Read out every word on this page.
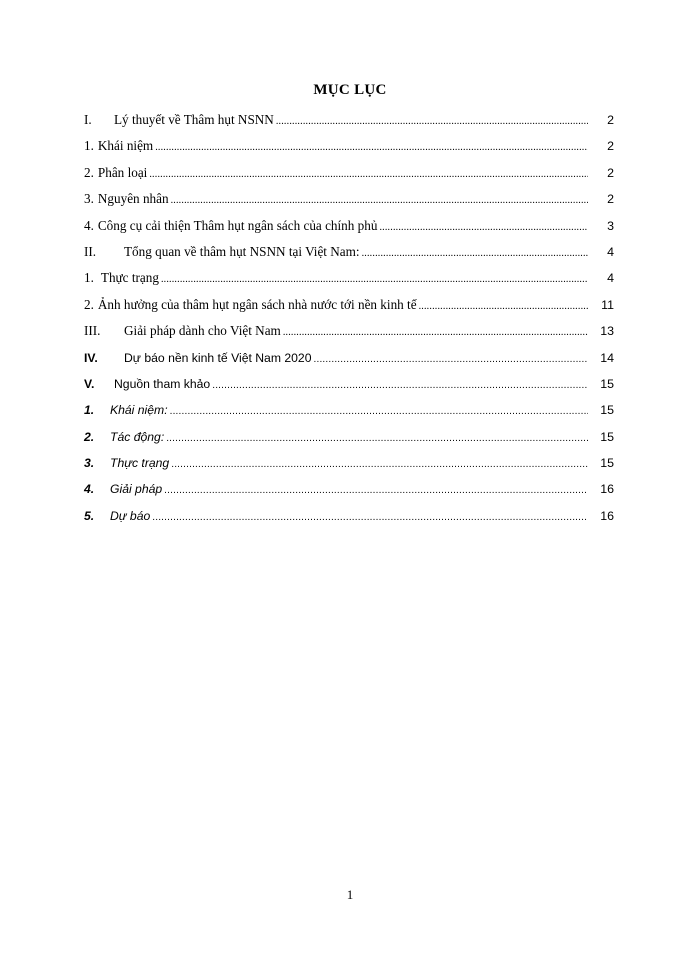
MỤC LỤC
I.	Lý thuyết về Thâm hụt NSNN .....	2
1. Khái niệm .....	2
2. Phân loại .....	2
3. Nguyên nhân .....	2
4. Công cụ cải thiện Thâm hụt ngân sách của chính phủ .....	3
II.	Tổng quan về thâm hụt NSNN tại Việt Nam: .....	4
1. Thực trạng .....	4
2. Ảnh hưởng của thâm hụt ngân sách nhà nước tới nền kinh tế .....	11
III.	Giải pháp dành cho Việt Nam .....	13
IV.	Dự báo nền kinh tế Việt Nam 2020 .....	14
V.	Nguồn tham khảo .....	15
1.	Khái niệm: .....	15
2.	Tác động: .....	15
3.	Thực trạng .....	15
4.	Giải pháp .....	16
5.	Dự báo .....	16
1
